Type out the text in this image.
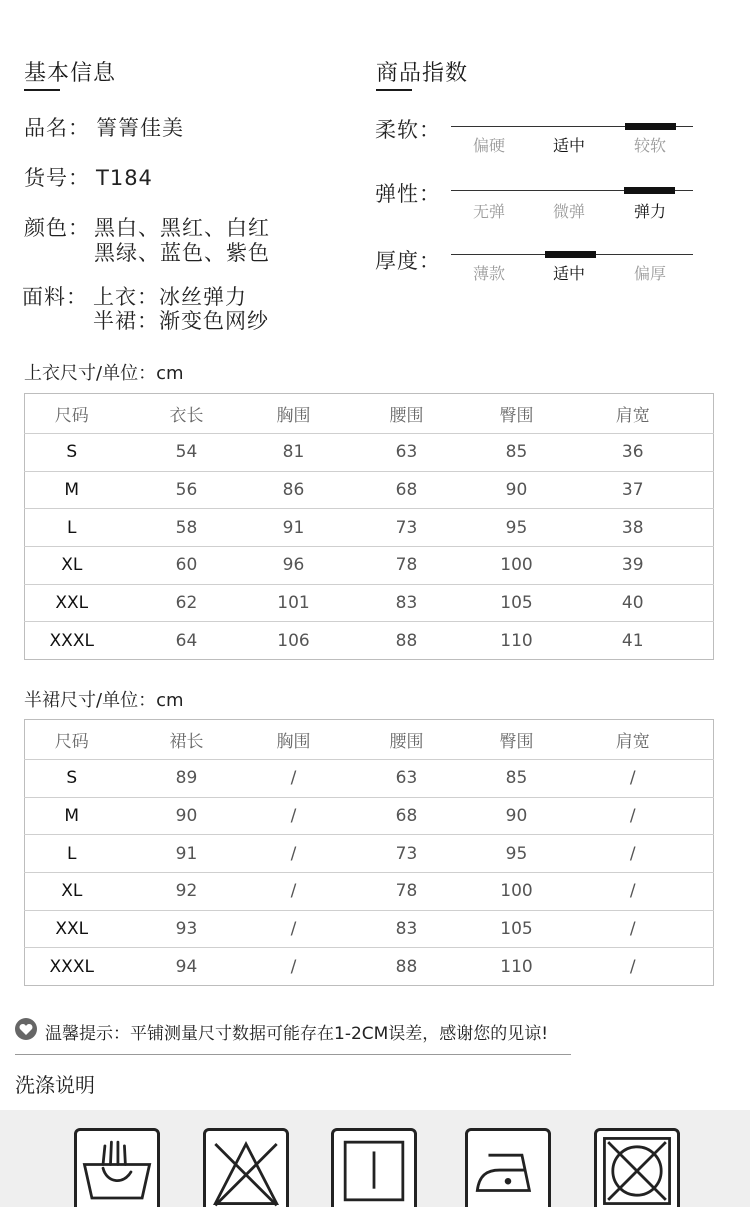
基本信息
品名： 箐箐佳美
货号： T184
颜色： 黑白、黑红、白红
黑绿、蓝色、紫色
面料： 上衣：冰丝弹力
半裙：渐变色网纱
商品指数
柔软：
偏硬	适中	较软
弹性：
无弹	微弹	弹力
厚度：
薄款	适中	偏厚
上衣尺寸/单位：cm
尺码	衣长	胸围	腰围	臀围	肩宽
S	54	81	63	85	36
M	56	86	68	90	37
L	58	91	73	95	38
XL	60	96	78	100	39
XXL	62	101	83	105	40
XXXL	64	106	88	110	41
半裙尺寸/单位：cm
尺码	裙长	胸围	腰围	臀围	肩宽
S	89	/	63	85	/
M	90	/	68	90	/
L	91	/	73	95	/
XL	92	/	78	100	/
XXL	93	/	83	105	/
XXXL	94	/	88	110	/
温馨提示：平铺测量尺寸数据可能存在1-2CM误差，感谢您的见谅!
洗涤说明
